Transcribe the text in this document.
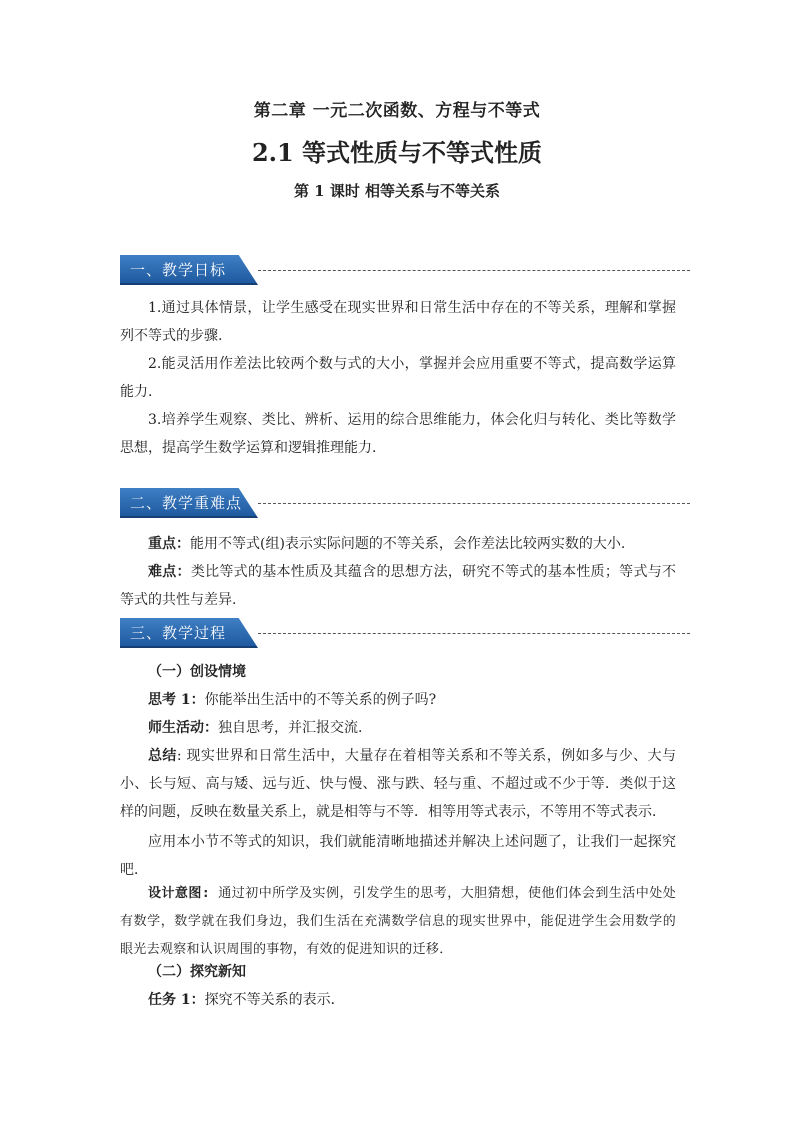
第二章 一元二次函数、方程与不等式
2.1 等式性质与不等式性质
第 1 课时 相等关系与不等关系
一、教学日标
1.通过具体情景，让学生感受在现实世界和日常生活中存在的不等关系，理解和掌握列不等式的步骤.
2.能灵活用作差法比较两个数与式的大小，掌握并会应用重要不等式，提高数学运算能力.
3.培养学生观察、类比、辨析、运用的综合思维能力，体会化归与转化、类比等数学思想，提高学生数学运算和逻辑推理能力.
二、教学重难点
重点：能用不等式(组)表示实际问题的不等关系，会作差法比较两实数的大小.
难点：类比等式的基本性质及其蕴含的思想方法，研究不等式的基本性质；等式与不等式的共性与差异.
三、教学过程
（一）创设情境
思考 1：你能举出生活中的不等关系的例子吗?
师生活动：独自思考，并汇报交流.
总结: 现实世界和日常生活中，大量存在着相等关系和不等关系，例如多与少、大与小、长与短、高与矮、远与近、快与慢、涨与跌、轻与重、不超过或不少于等．类似于这样的问题，反映在数量关系上，就是相等与不等．相等用等式表示，不等用不等式表示．
应用本小节不等式的知识，我们就能清晰地描述并解决上述问题了，让我们一起探究吧．
设计意图: 通过初中所学及实例，引发学生的思考，大胆猜想，使他们体会到生活中处处有数学，数学就在我们身边，我们生活在充满数学信息的现实世界中，能促进学生会用数学的眼光去观察和认识周围的事物，有效的促进知识的迁移．
（二）探究新知
任务 1：探究不等关系的表示．
